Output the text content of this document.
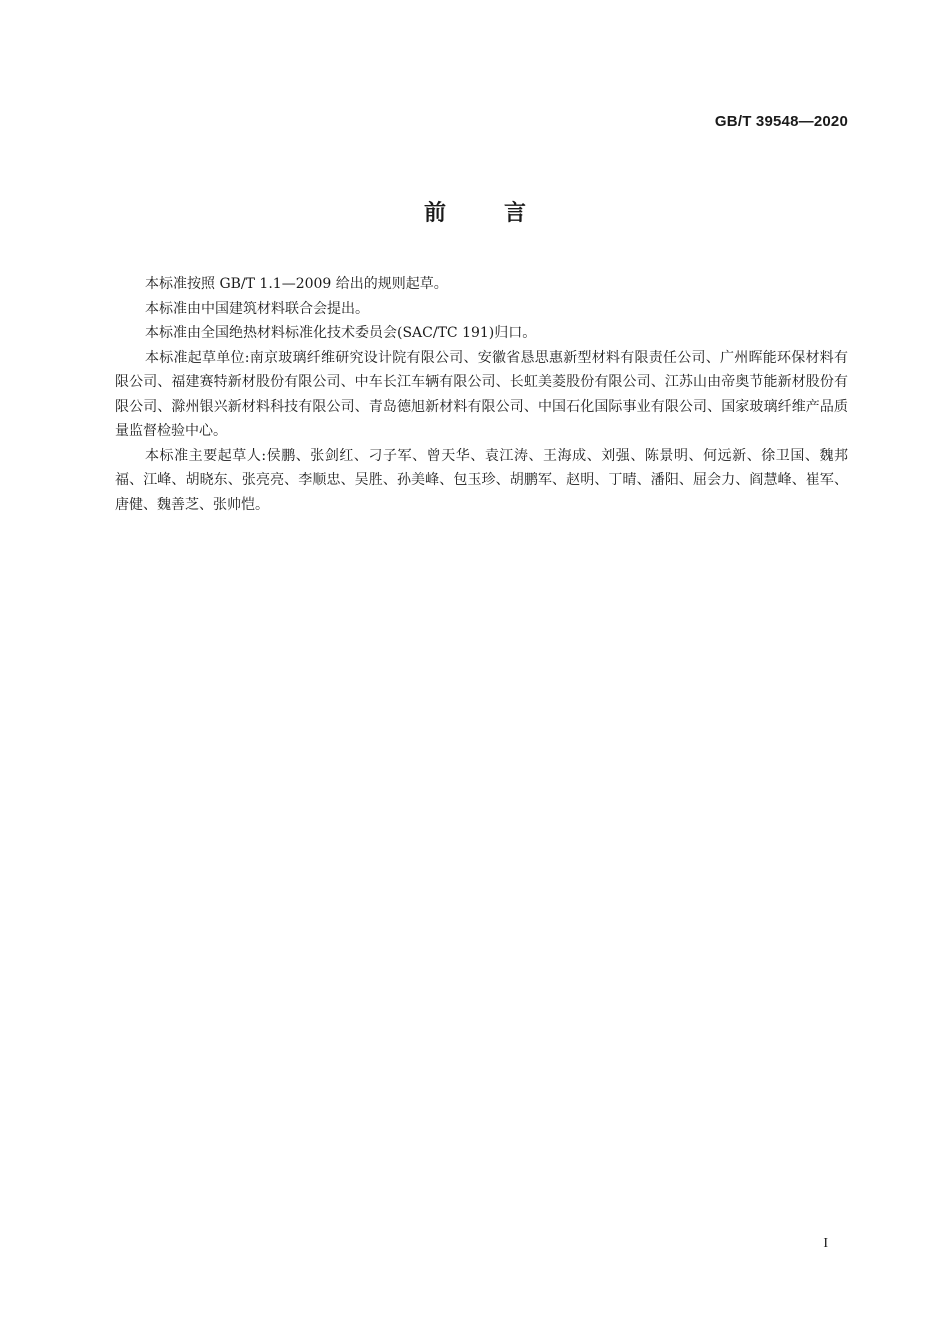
GB/T 39548—2020
前言

本标准按照 GB/T 1.1—2009 给出的规则起草。

本标准由中国建筑材料联合会提出。

本标准由全国绝热材料标准化技术委员会(SAC/TC 191)归口。

本标准起草单位:南京玻璃纤维研究设计院有限公司、安徽省恳思惠新型材料有限责任公司、广州晖能环保材料有限公司、福建赛特新材股份有限公司、中车长江车辆有限公司、长虹美菱股份有限公司、江苏山由帝奥节能新材股份有限公司、滁州银兴新材料科技有限公司、青岛德旭新材料有限公司、中国石化国际事业有限公司、国家玻璃纤维产品质量监督检验中心。

本标准主要起草人:侯鹏、张剑红、刁子军、曾天华、袁江涛、王海成、刘强、陈景明、何远新、徐卫国、魏邦福、江峰、胡晓东、张亮亮、李顺忠、吴胜、孙美峰、包玉珍、胡鹏军、赵明、丁晴、潘阳、屈会力、阎慧峰、崔军、唐健、魏善芝、张帅恺。

I
